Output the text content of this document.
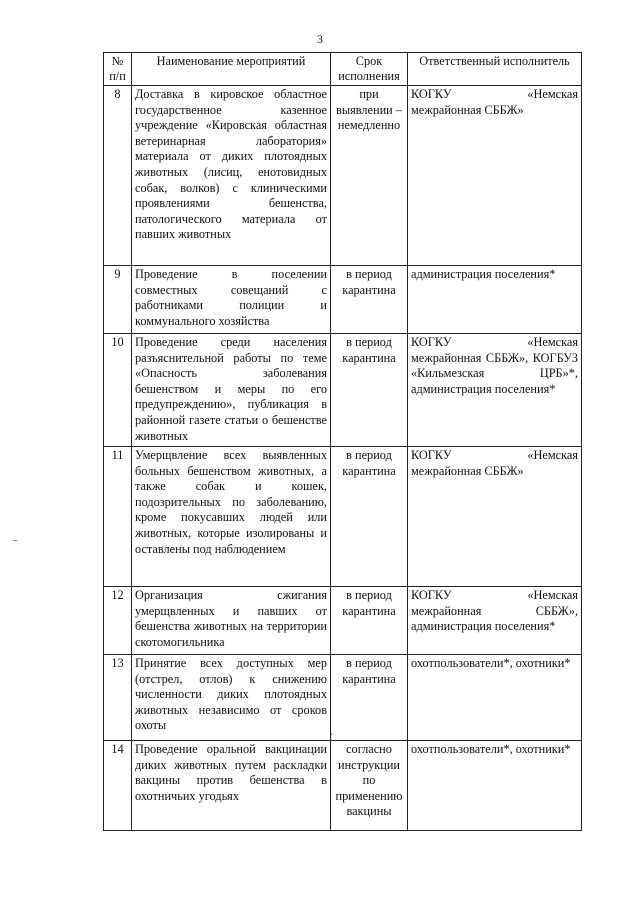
3
№ п/п	Наименование мероприятий	Срок исполнения	Ответственный исполнитель
8	Доставка в кировское областное государственное казенное учреждение «Кировская областная ветеринарная лаборатория» материала от диких плотоядных животных (лисиц, енотовидных собак, волков) с клиническими проявлениями бешенства, патологического материала от павших животных	при выявлении – немедленно	КОГКУ «Немская межрайонная СББЖ»
9	Проведение в поселении совместных совещаний с работниками полиции и коммунального хозяйства	в период карантина	администрация поселения*
10	Проведение среди населения разъяснительной работы по теме «Опасность заболевания бешенством и меры по его предупреждению», публикация в районной газете статьи о бешенстве животных	в период карантина	КОГКУ «Немская межрайонная СББЖ», КОГБУЗ «Кильмезская ЦРБ»*, администрация поселения*
11	Умерщвление всех выявленных больных бешенством животных, а также собак и кошек, подозрительных по заболеванию, кроме покусавших людей или животных, которые изолированы и оставлены под наблюдением	в период карантина	КОГКУ «Немская межрайонная СББЖ»
12	Организация сжигания умерщвленных и павших от бешенства животных на территории скотомогильника	в период карантина	КОГКУ «Немская межрайонная СББЖ», администрация поселения*
13	Принятие всех доступных мер (отстрел, отлов) к снижению численности диких плотоядных животных независимо от сроков охоты	в период карантина	охотпользователи*, охотники*
14	Проведение оральной вакцинации диких животных путем раскладки вакцины против бешенства в охотничьих угодьях	согласно инструкции по применению вакцины	охотпользователи*, охотники*
